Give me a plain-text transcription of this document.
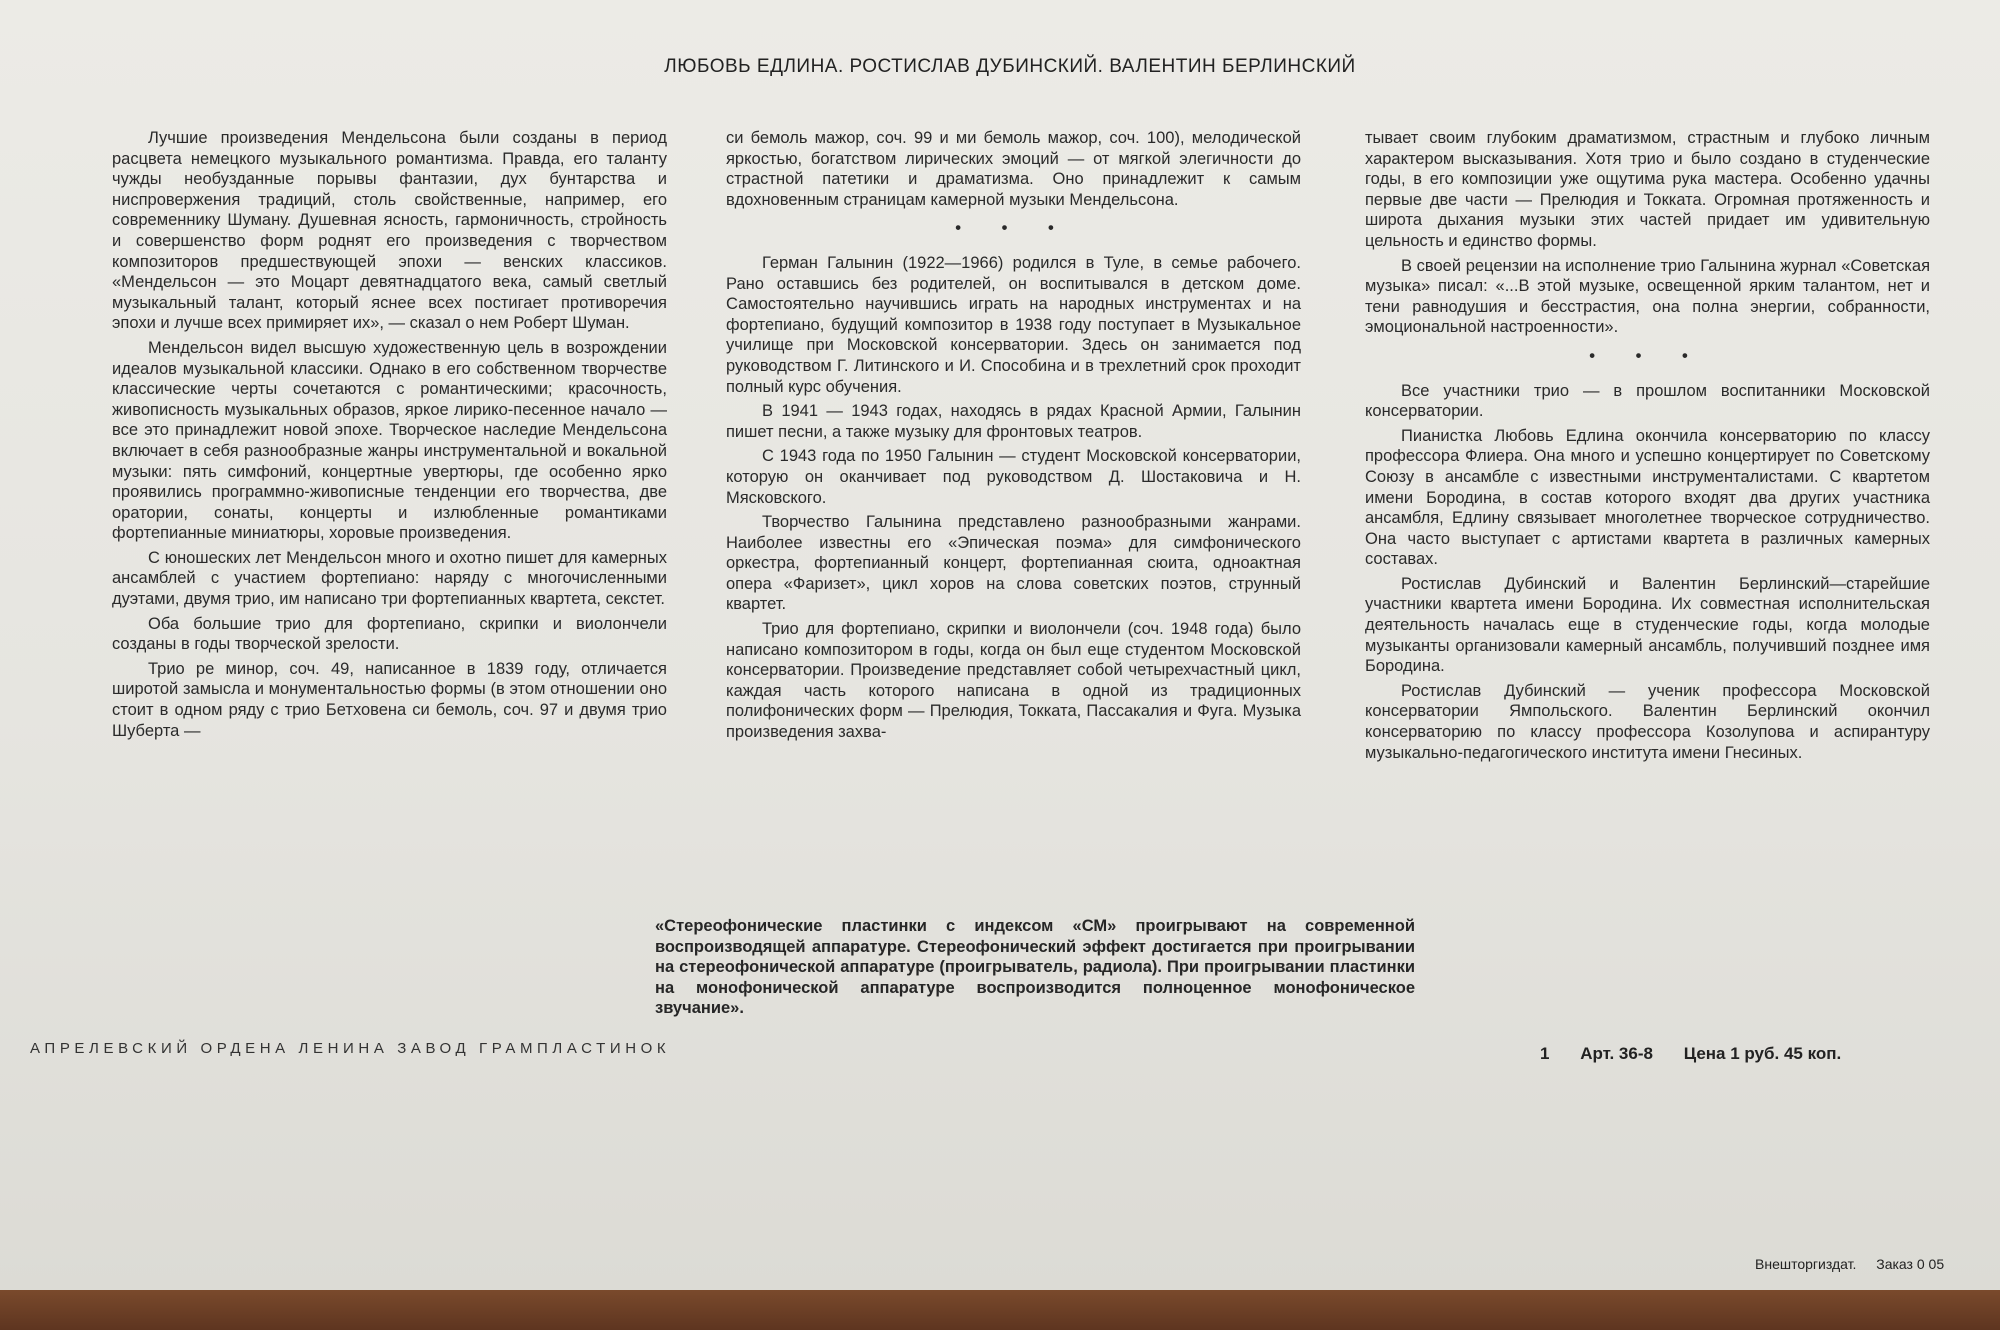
ЛЮБОВЬ ЕДЛИНА. РОСТИСЛАВ ДУБИНСКИЙ. ВАЛЕНТИН БЕРЛИНСКИЙ

Лучшие произведения Мендельсона были созданы в период расцвета немецкого музыкального романтизма. Правда, его таланту чужды необузданные порывы фантазии, дух бунтарства и ниспровержения традиций, столь свойственные, например, его современнику Шуману. Душевная ясность, гармоничность, стройность и совершенство форм роднят его произведения с творчеством композиторов предшествующей эпохи — венских классиков. «Мендельсон — это Моцарт девятнадцатого века, самый светлый музыкальный талант, который яснее всех постигает противоречия эпохи и лучше всех примиряет их», — сказал о нем Роберт Шуман.

Мендельсон видел высшую художественную цель в возрождении идеалов музыкальной классики. Однако в его собственном творчестве классические черты сочетаются с романтическими; красочность, живописность музыкальных образов, яркое лирико-песенное начало — все это принадлежит новой эпохе. Творческое наследие Мендельсона включает в себя разнообразные жанры инструментальной и вокальной музыки: пять симфоний, концертные увертюры, где особенно ярко проявились программно-живописные тенденции его творчества, две оратории, сонаты, концерты и излюбленные романтиками фортепианные миниатюры, хоровые произведения.

С юношеских лет Мендельсон много и охотно пишет для камерных ансамблей с участием фортепиано: наряду с многочисленными дуэтами, двумя трио, им написано три фортепианных квартета, секстет.

Оба большие трио для фортепиано, скрипки и виолончели созданы в годы творческой зрелости.

Трио ре минор, соч. 49, написанное в 1839 году, отличается широтой замысла и монументальностью формы (в этом отношении оно стоит в одном ряду с трио Бетховена си бемоль, соч. 97 и двумя трио Шуберта —

си бемоль мажор, соч. 99 и ми бемоль мажор, соч. 100), мелодической яркостью, богатством лирических эмоций — от мягкой элегичности до страстной патетики и драматизма. Оно принадлежит к самым вдохновенным страницам камерной музыки Мендельсона.

• • •

Герман Галынин (1922—1966) родился в Туле, в семье рабочего. Рано оставшись без родителей, он воспитывался в детском доме. Самостоятельно научившись играть на народных инструментах и на фортепиано, будущий композитор в 1938 году поступает в Музыкальное училище при Московской консерватории. Здесь он занимается под руководством Г. Литинского и И. Способина и в трехлетний срок проходит полный курс обучения.

В 1941 — 1943 годах, находясь в рядах Красной Армии, Галынин пишет песни, а также музыку для фронтовых театров.

С 1943 года по 1950 Галынин — студент Московской консерватории, которую он оканчивает под руководством Д. Шостаковича и Н. Мясковского.

Творчество Галынина представлено разнообразными жанрами. Наиболее известны его «Эпическая поэма» для симфонического оркестра, фортепианный концерт, фортепианная сюита, одноактная опера «Фаризет», цикл хоров на слова советских поэтов, струнный квартет.

Трио для фортепиано, скрипки и виолончели (соч. 1948 года) было написано композитором в годы, когда он был еще студентом Московской консерватории. Произведение представляет собой четырехчастный цикл, каждая часть которого написана в одной из традиционных полифонических форм — Прелюдия, Токката, Пассакалия и Фуга. Музыка произведения захва-

тывает своим глубоким драматизмом, страстным и глубоко личным характером высказывания. Хотя трио и было создано в студенческие годы, в его композиции уже ощутима рука мастера. Особенно удачны первые две части — Прелюдия и Токката. Огромная протяженность и широта дыхания музыки этих частей придает им удивительную цельность и единство формы.

В своей рецензии на исполнение трио Галынина журнал «Советская музыка» писал: «...В этой музыке, освещенной ярким талантом, нет и тени равнодушия и бесстрастия, она полна энергии, собранности, эмоциональной настроенности».

• • •

Все участники трио — в прошлом воспитанники Московской консерватории.

Пианистка Любовь Едлина окончила консерваторию по классу профессора Флиера. Она много и успешно концертирует по Советскому Союзу в ансамбле с известными инструменталистами. С квартетом имени Бородина, в состав которого входят два других участника ансамбля, Едлину связывает многолетнее творческое сотрудничество. Она часто выступает с артистами квартета в различных камерных составах.

Ростислав Дубинский и Валентин Берлинский—старейшие участники квартета имени Бородина. Их совместная исполнительская деятельность началась еще в студенческие годы, когда молодые музыканты организовали камерный ансамбль, получивший позднее имя Бородина.

Ростислав Дубинский — ученик профессора Московской консерватории Ямпольского. Валентин Берлинский окончил консерваторию по классу профессора Козолупова и аспирантуру музыкально-педагогического института имени Гнесиных.

«Стереофонические пластинки с индексом «СМ» проигрывают на современной воспроизводящей аппаратуре. Стереофонический эффект достигается при проигрывании на стереофонической аппаратуре (проигрыватель, радиола). При проигрывании пластинки на монофонической аппаратуре воспроизводится полноценное монофоническое звучание».

АПРЕЛЕВСКИЙ ОРДЕНА ЛЕНИНА ЗАВОД ГРАМПЛАСТИНОК	1 Арт. 36-8 Цена 1 руб. 45 коп.
Внешторгиздат. Заказ 0 05
